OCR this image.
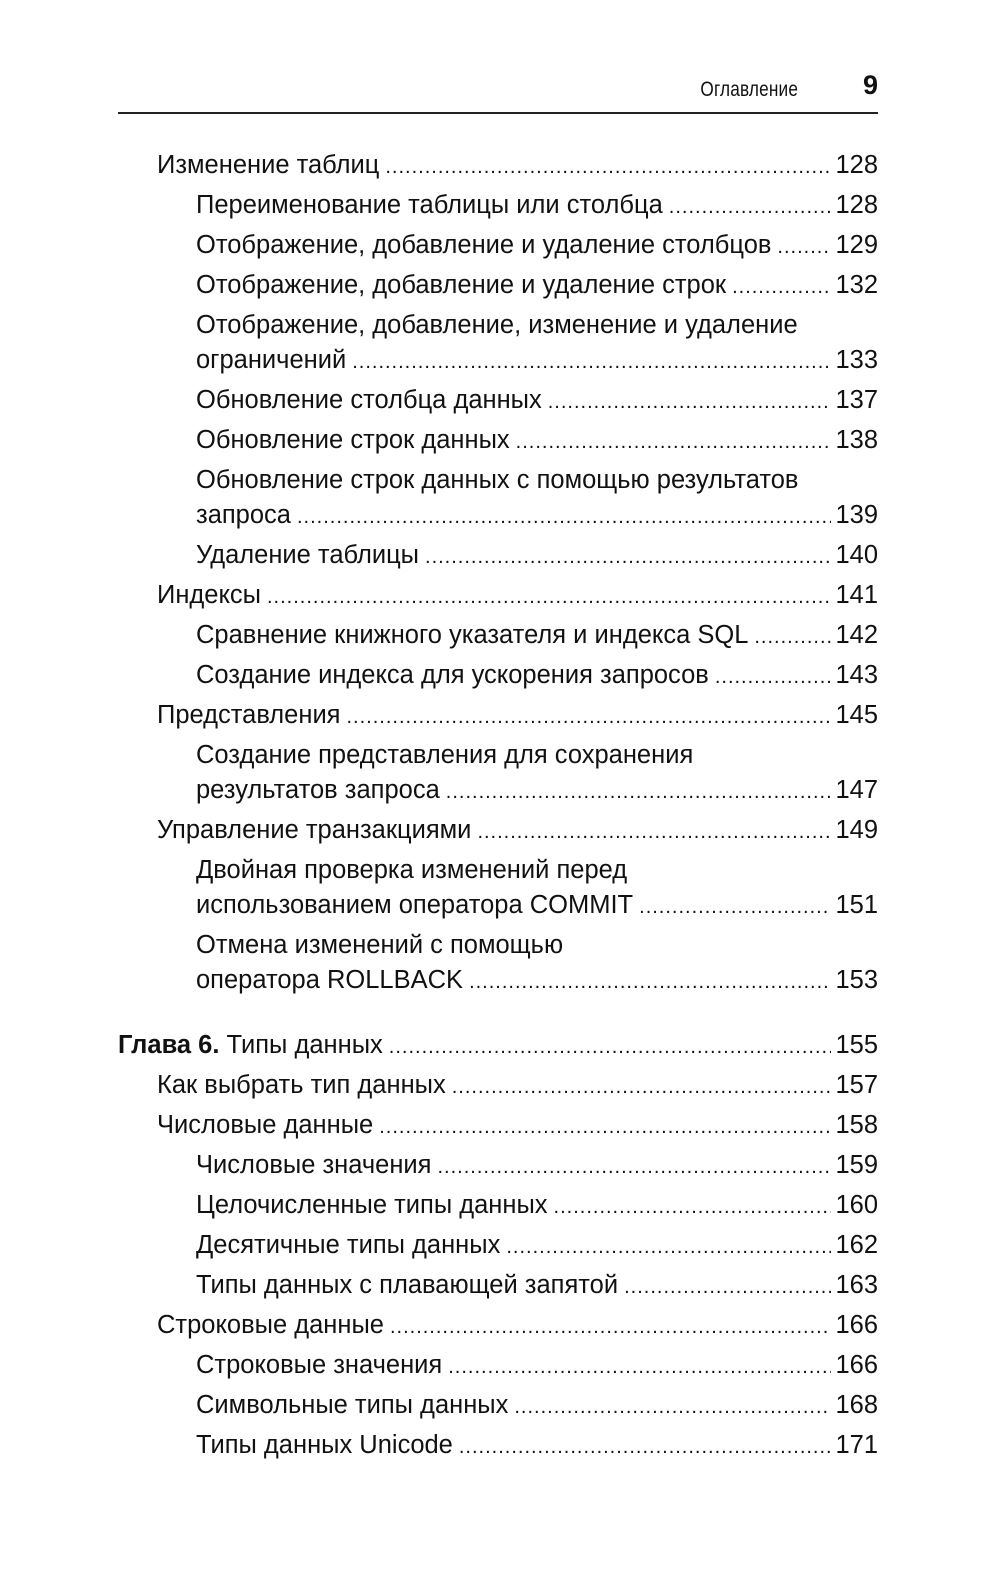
Оглавление 9
Изменение таблиц .....	128
Переименование таблицы или столбца .....	128
Отображение, добавление и удаление столбцов .....	129
Отображение, добавление и удаление строк .....	132
Отображение, добавление, изменение и удаление
ограничений .....	133
Обновление столбца данных .....	137
Обновление строк данных .....	138
Обновление строк данных с помощью результатов
запроса .....	139
Удаление таблицы .....	140
Индексы .....	141
Сравнение книжного указателя и индекса SQL .....	142
Создание индекса для ускорения запросов .....	143
Представления .....	145
Создание представления для сохранения
результатов запроса .....	147
Управление транзакциями .....	149
Двойная проверка изменений перед
использованием оператора COMMIT .....	151
Отмена изменений с помощью
оператора ROLLBACK .....	153
Глава 6. Типы данных .....	155
Как выбрать тип данных .....	157
Числовые данные .....	158
Числовые значения .....	159
Целочисленные типы данных .....	160
Десятичные типы данных .....	162
Типы данных с плавающей запятой .....	163
Строковые данные .....	166
Строковые значения .....	166
Символьные типы данных .....	168
Типы данных Unicode .....	171
